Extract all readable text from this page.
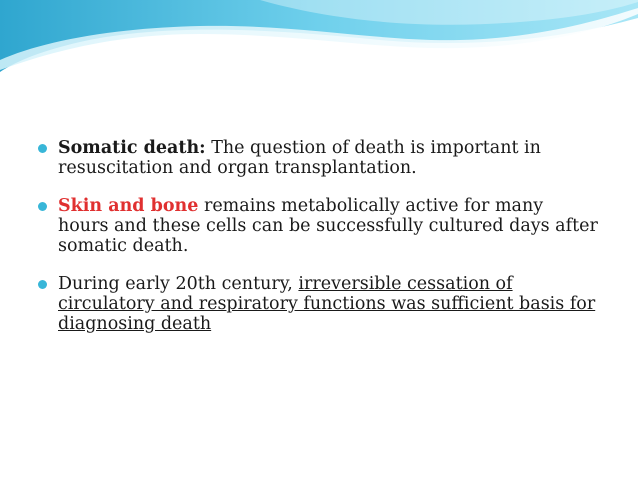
Somatic death: The question of death is important in resuscitation and organ transplantation.
Skin and bone remains metabolically active for many hours and these cells can be successfully cultured days after somatic death.
During early 20th century, irreversible cessation of circulatory and respiratory functions was sufficient basis for diagnosing death
